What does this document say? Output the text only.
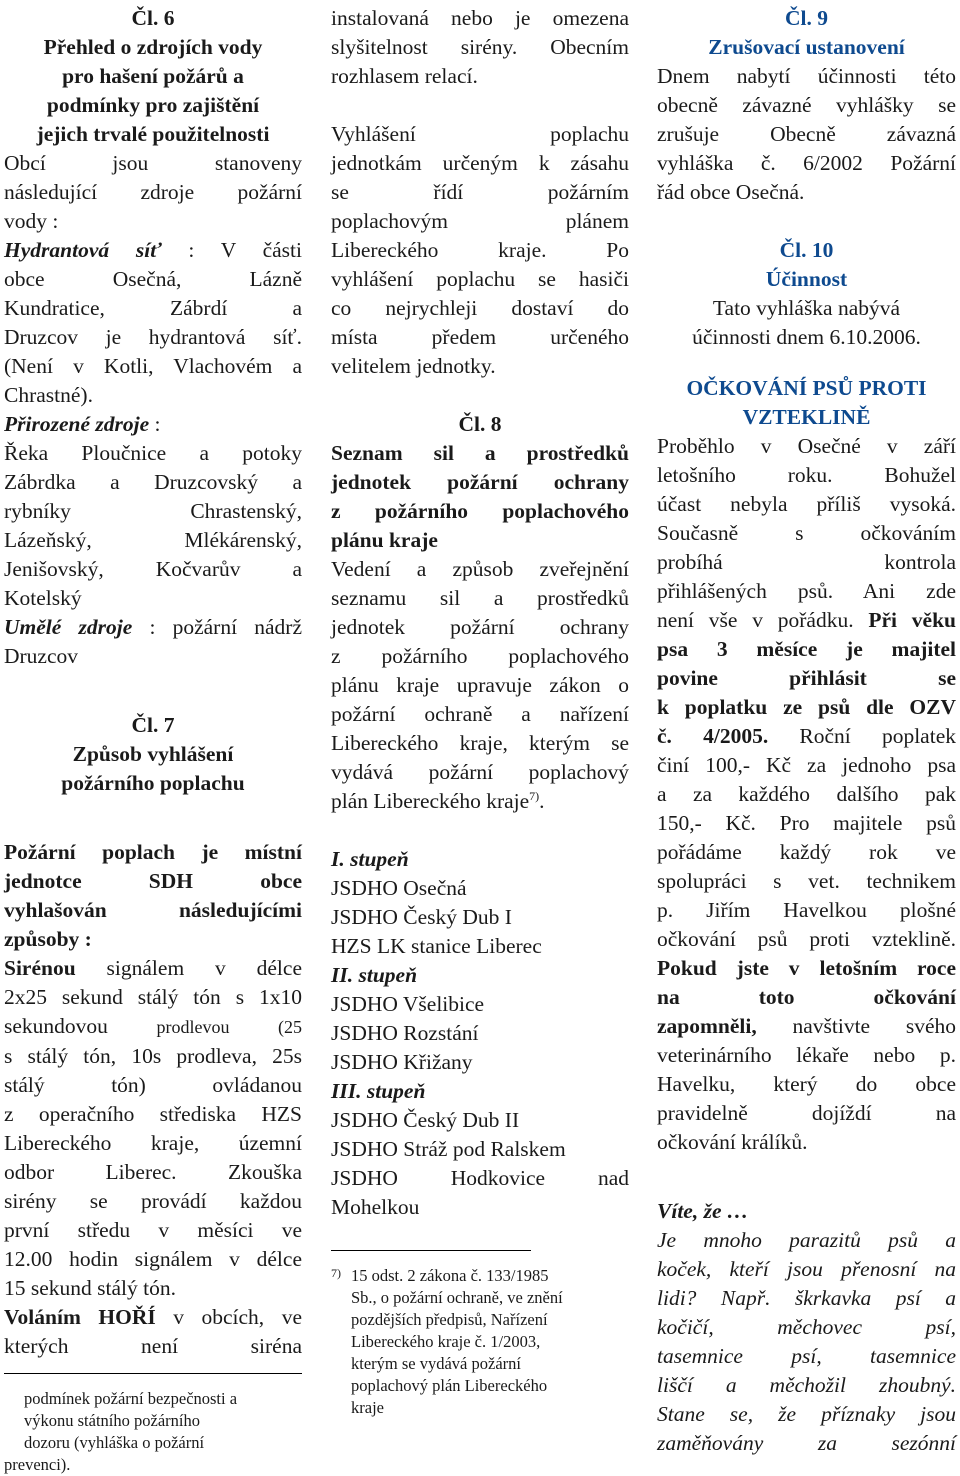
Čl. 6

Přehled o zdrojích vody

pro hašení požárů a

podmínky pro zajištění

jejich trvalé použitelnosti

Obcí jsou stanoveny

následující zdroje požární

vody :

Hydrantová síť : V části

obce Osečná, Lázně

Kundratice, Zábrdí a

Druzcov je hydrantová síť.

(Není v Kotli, Vlachovém a

Chrastné).

Přirozené zdroje :

Řeka Ploučnice a potoky

Zábrdka a Druzcovský a

rybníky Chrastenský,

Lázeňský, Mlékárenský,

Jenišovský, Kočvarův a

Kotelský

Umělé zdroje : požární nádrž

Druzcov

Čl. 7

Způsob vyhlášení

požárního poplachu

Požární poplach je místní

jednotce SDH obce

vyhlašován následujícími

způsoby :

Sirénou signálem v délce

2x25 sekund stálý tón s 1x10

sekundovou prodlevou (25

s stálý tón, 10s prodleva, 25s

stálý tón) ovládanou

z operačního střediska HZS

Libereckého kraje, územní

odbor Liberec. Zkouška

sirény se provádí každou

první středu v měsíci ve

12.00 hodin signálem v délce

15 sekund stálý tón.

Voláním HOŘÍ v obcích, ve

kterých není siréna

podmínek požární bezpečnosti a

výkonu státního požárního

dozoru (vyhláška o požární

prevenci).

instalovaná nebo je omezena

slyšitelnost sirény. Obecním

rozhlasem relací.

Vyhlášení poplachu

jednotkám určeným k zásahu

se řídí požárním

poplachovým plánem

Libereckého kraje. Po

vyhlášení poplachu se hasiči

co nejrychleji dostaví do

místa předem určeného

velitelem jednotky.

Čl. 8

Seznam sil a prostředků

jednotek požární ochrany

z požárního poplachového

plánu kraje

Vedení a způsob zveřejnění

seznamu sil a prostředků

jednotek požární ochrany

z požárního poplachového

plánu kraje upravuje zákon o

požární ochraně a nařízení

Libereckého kraje, kterým se

vydává požární poplachový

plán Libereckého kraje$^{7)}$.

I. stupeň

JSDHO Osečná

JSDHO Český Dub I

HZS LK stanice Liberec

II. stupeň

JSDHO Všelibice

JSDHO Rozstání

JSDHO Křižany

III. stupeň

JSDHO Český Dub II

JSDHO Stráž pod Ralskem

JSDHO Hodkovice nad

Mohelkou

7) 15 odst. 2 zákona č. 133/1985

Sb., o požární ochraně, ve znění

pozdějších předpisů, Nařízení

Libereckého kraje č. 1/2003,

kterým se vydává požární

poplachový plán Libereckého

kraje

Čl. 9

Zrušovací ustanovení

Dnem nabytí účinnosti této

obecně závazné vyhlášky se

zrušuje Obecně závazná

vyhláška č. 6/2002 Požární

řád obce Osečná.

Čl. 10

Účinnost

Tato vyhláška nabývá

účinnosti dnem 6.10.2006.

OČKOVÁNÍ PSŮ PROTI

VZTEKLINĚ

Proběhlo v Osečné v září

letošního roku. Bohužel

účast nebyla příliš vysoká.

Současně s očkováním

probíhá kontrola

přihlášených psů. Ani zde

není vše v pořádku. Při věku

psa 3 měsíce je majitel

povine přihlásit se

k poplatku ze psů dle OZV

č. 4/2005. Roční poplatek

činí 100,- Kč za jednoho psa

a za každého dalšího pak

150,- Kč. Pro majitele psů

pořádáme každý rok ve

spolupráci s vet. technikem

p. Jiřím Havelkou plošné

očkování psů proti vzteklině.

Pokud jste v letošním roce

na toto očkování

zapomněli, navštivte svého

veterinárního lékaře nebo p.

Havelku, který do obce

pravidelně dojíždí na

očkování králíků.

Víte, že …

Je mnoho parazitů psů a

koček, kteří jsou přenosní na

lidi? Např. škrkavka psí a

kočičí, měchovec psí,

tasemnice psí, tasemnice

liščí a měchožil zhoubný.

Stane se, že příznaky jsou

zaměňovány za sezónní
